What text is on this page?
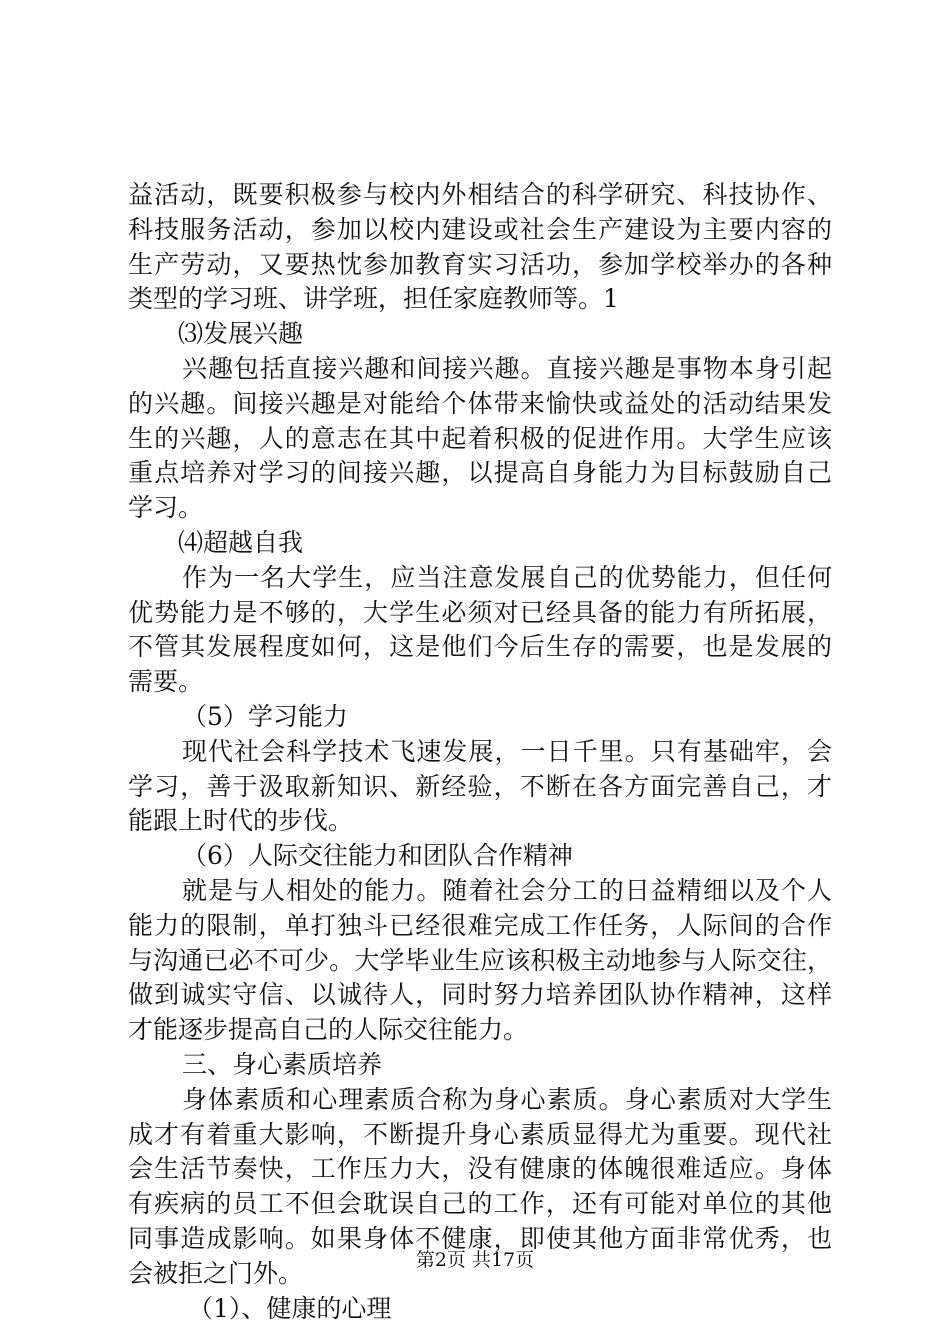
益活动，既要积极参与校内外相结合的科学研究、科技协作、
科技服务活动，参加以校内建设或社会生产建设为主要内容的
生产劳动，又要热忱参加教育实习活功，参加学校举办的各种
类型的学习班、讲学班，担任家庭教师等。1
⑶发展兴趣
兴趣包括直接兴趣和间接兴趣。直接兴趣是事物本身引起
的兴趣。间接兴趣是对能给个体带来愉快或益处的活动结果发
生的兴趣，人的意志在其中起着积极的促进作用。大学生应该
重点培养对学习的间接兴趣，以提高自身能力为目标鼓励自己
学习。
⑷超越自我
作为一名大学生，应当注意发展自己的优势能力，但任何
优势能力是不够的，大学生必须对已经具备的能力有所拓展，
不管其发展程度如何，这是他们今后生存的需要，也是发展的
需要。
（5）学习能力
现代社会科学技术飞速发展，一日千里。只有基础牢，会
学习，善于汲取新知识、新经验，不断在各方面完善自己，才
能跟上时代的步伐。
（6）人际交往能力和团队合作精神
就是与人相处的能力。随着社会分工的日益精细以及个人
能力的限制，单打独斗已经很难完成工作任务，人际间的合作
与沟通已必不可少。大学毕业生应该积极主动地参与人际交往，
做到诚实守信、以诚待人，同时努力培养团队协作精神，这样
才能逐步提高自己的人际交往能力。
三、身心素质培养
身体素质和心理素质合称为身心素质。身心素质对大学生
成才有着重大影响，不断提升身心素质显得尤为重要。现代社
会生活节奏快，工作压力大，没有健康的体魄很难适应。身体
有疾病的员工不但会耽误自己的工作，还有可能对单位的其他
同事造成影响。如果身体不健康，即使其他方面非常优秀，也
会被拒之门外。
（1）、健康的心理
第2页 共17页
